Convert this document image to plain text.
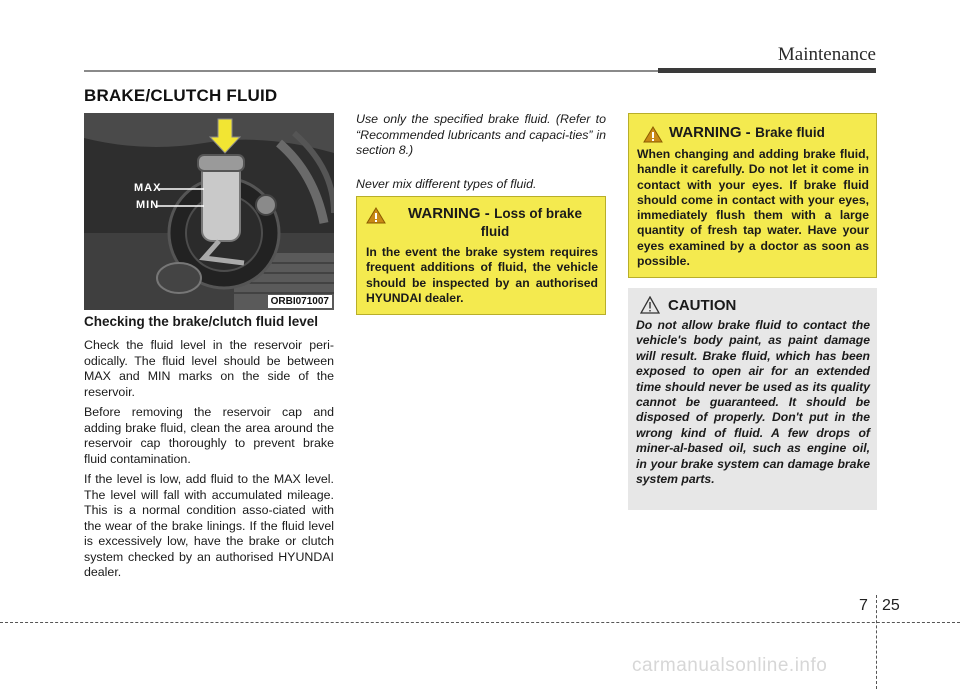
Maintenance
BRAKE/CLUTCH FLUID
MAX
MIN
ORBI071007
Checking the brake/clutch fluid level

Check the fluid level in the reservoir peri-odically. The fluid level should be between MAX and MIN marks on the side of the reservoir.

Before removing the reservoir cap and adding brake fluid, clean the area around the reservoir cap thoroughly to prevent brake fluid contamination.

If the level is low, add fluid to the MAX level. The level will fall with accumulated mileage. This is a normal condition asso-ciated with the wear of the brake linings. If the fluid level is excessively low, have the brake or clutch system checked by an authorised HYUNDAI dealer.

Use only the specified brake fluid. (Refer to “Recommended lubricants and capaci-ties” in section 8.)

Never mix different types of fluid.

WARNING - Loss of brake fluid
In the event the brake system requires frequent additions of fluid, the vehicle should be inspected by an authorised HYUNDAI dealer.
WARNING - Brake fluid
When changing and adding brake fluid, handle it carefully. Do not let it come in contact with your eyes. If brake fluid should come in contact with your eyes, immediately flush them with a large quantity of fresh tap water. Have your eyes examined by a doctor as soon as possible.
CAUTION
Do not allow brake fluid to contact the vehicle's body paint, as paint damage will result. Brake fluid, which has been exposed to open air for an extended time should never be used as its quality cannot be guaranteed. It should be disposed of properly. Don't put in the wrong kind of fluid. A few drops of miner-al-based oil, such as engine oil, in your brake system can damage brake system parts.
7 25
carmanualsonline.info
